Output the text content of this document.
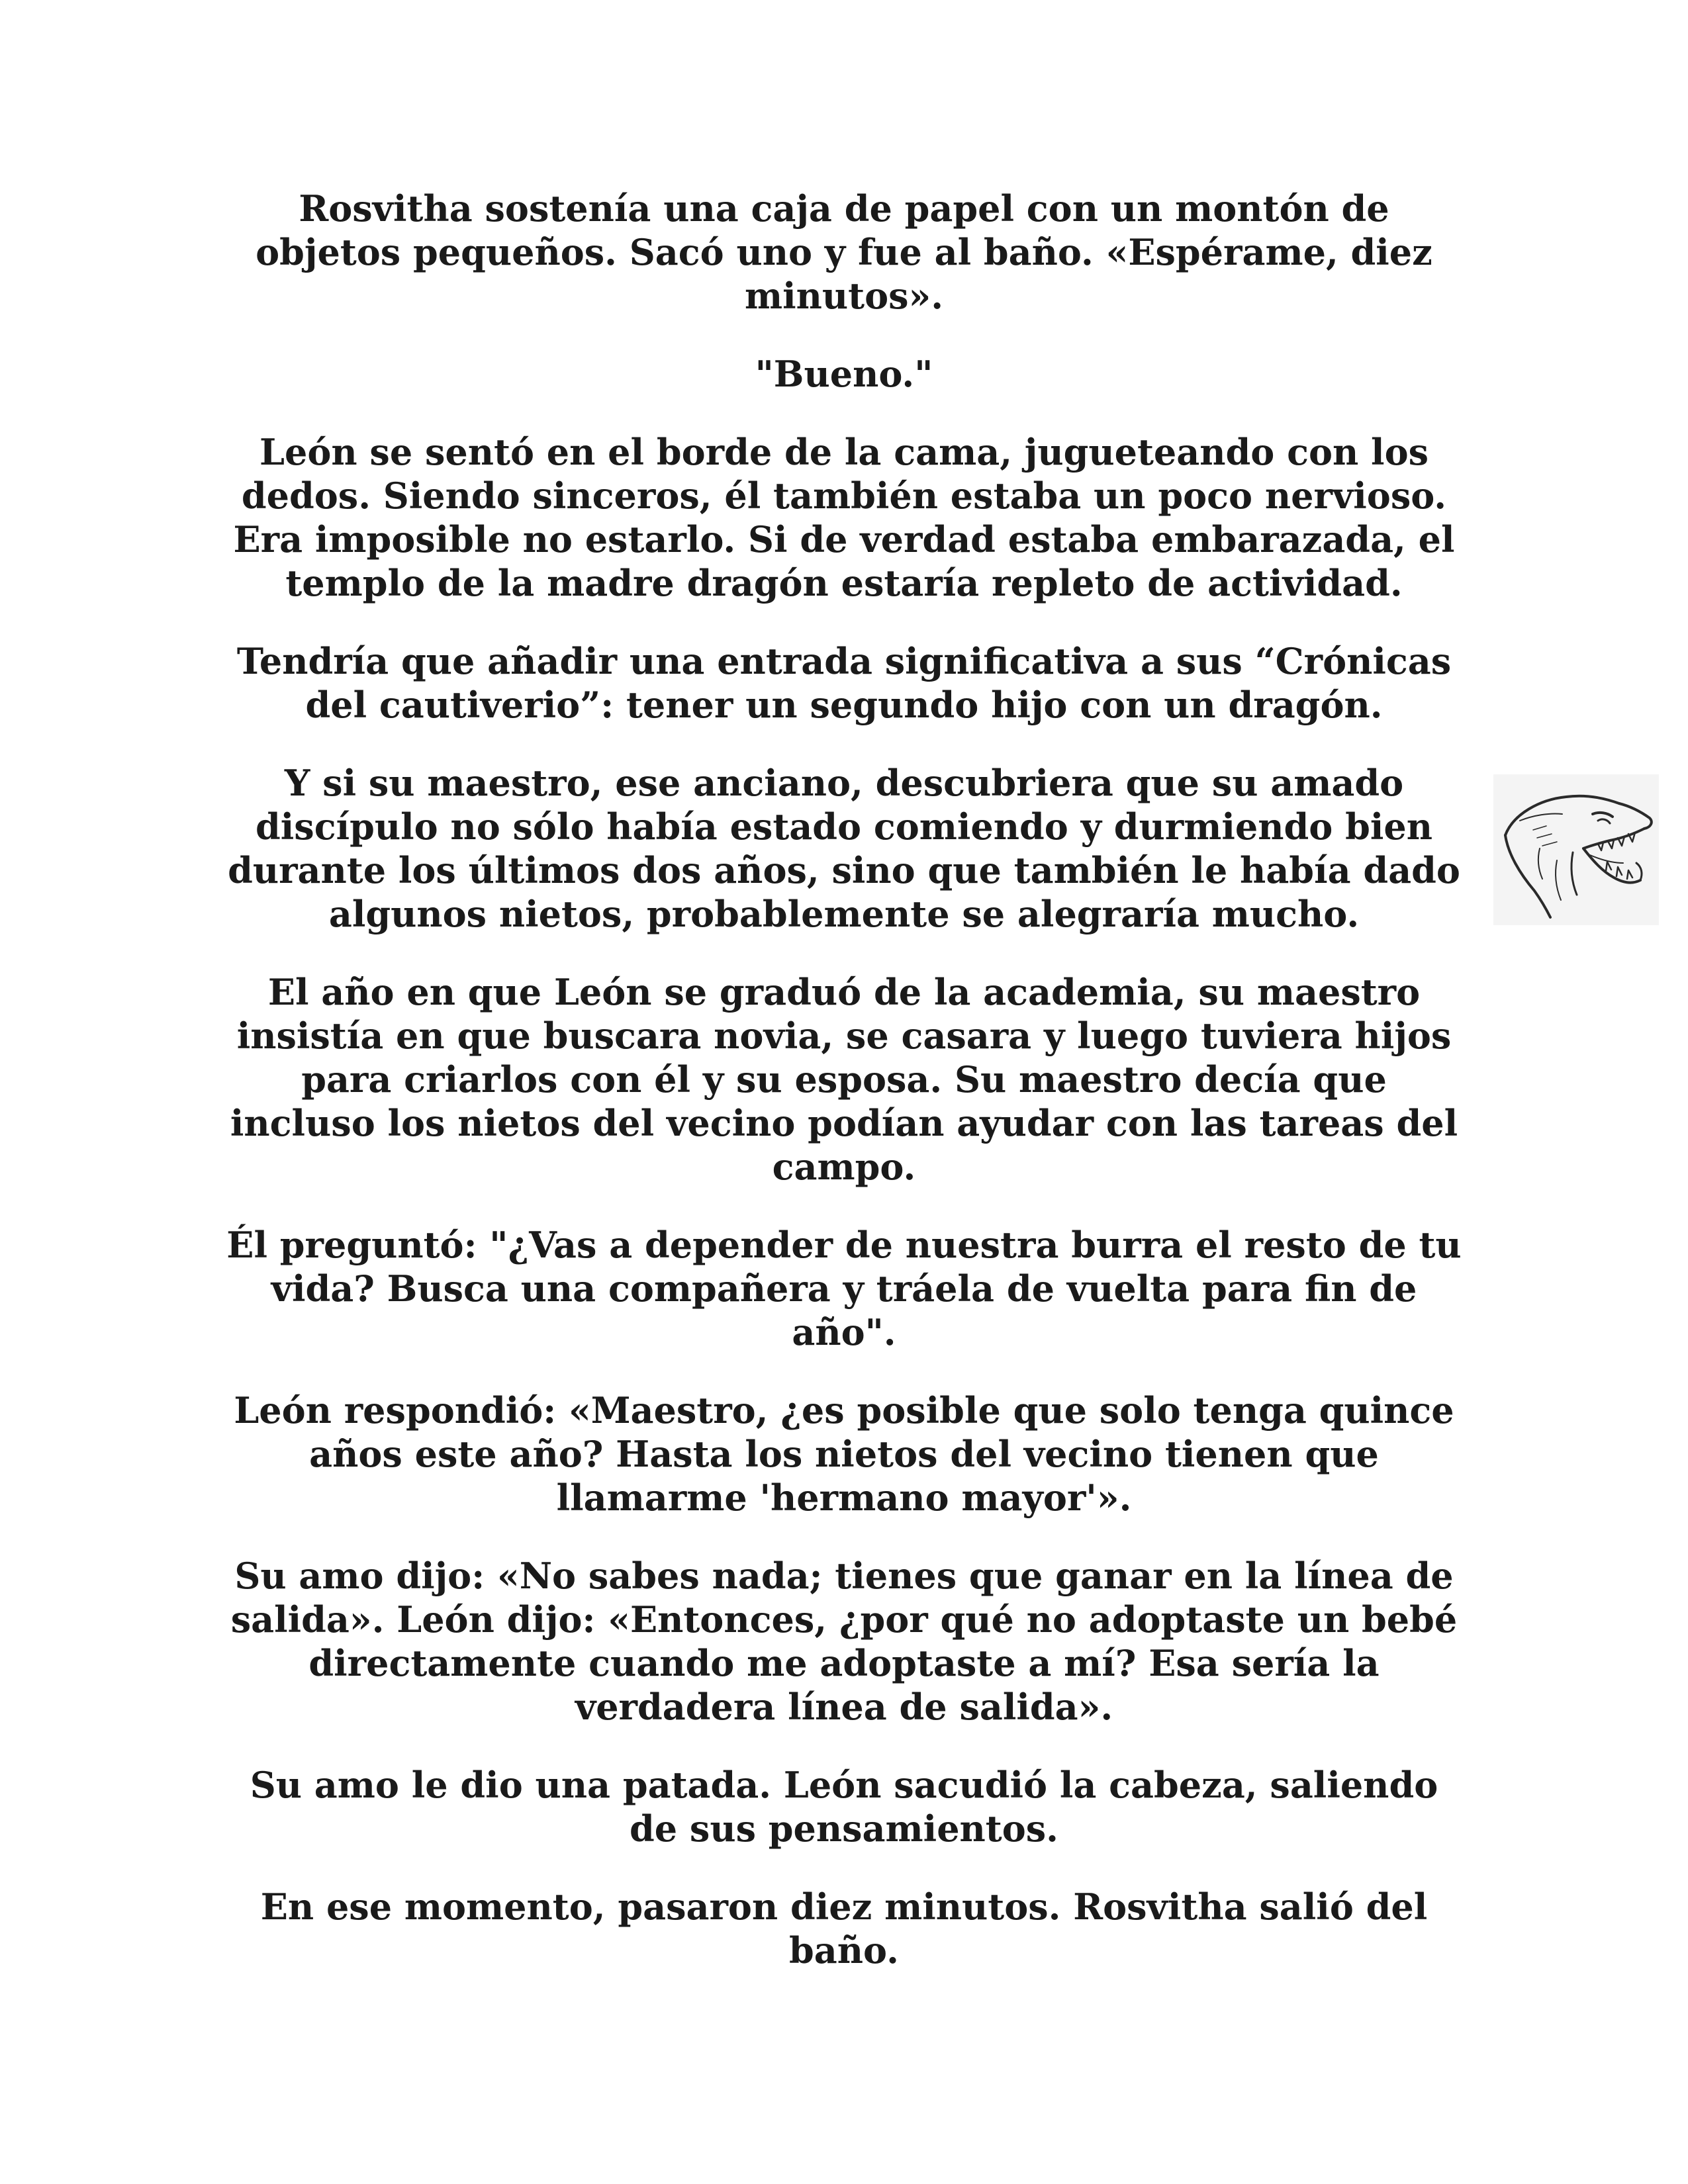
Rosvitha sostenía una caja de papel con un montón de objetos pequeños. Sacó uno y fue al baño. «Espérame, diez minutos».

"Bueno."

León se sentó en el borde de la cama, jugueteando con los dedos. Siendo sinceros, él también estaba un poco nervioso. Era imposible no estarlo. Si de verdad estaba embarazada, el templo de la madre dragón estaría repleto de actividad.

Tendría que añadir una entrada significativa a sus “Crónicas del cautiverio”: tener un segundo hijo con un dragón.

Y si su maestro, ese anciano, descubriera que su amado discípulo no sólo había estado comiendo y durmiendo bien durante los últimos dos años, sino que también le había dado algunos nietos, probablemente se alegraría mucho.

El año en que León se graduó de la academia, su maestro insistía en que buscara novia, se casara y luego tuviera hijos para criarlos con él y su esposa. Su maestro decía que incluso los nietos del vecino podían ayudar con las tareas del campo.

Él preguntó: "¿Vas a depender de nuestra burra el resto de tu vida? Busca una compañera y tráela de vuelta para fin de año".

León respondió: «Maestro, ¿es posible que solo tenga quince años este año? Hasta los nietos del vecino tienen que llamarme 'hermano mayor'».

Su amo dijo: «No sabes nada; tienes que ganar en la línea de salida». León dijo: «Entonces, ¿por qué no adoptaste un bebé directamente cuando me adoptaste a mí? Esa sería la verdadera línea de salida».

Su amo le dio una patada. León sacudió la cabeza, saliendo de sus pensamientos.

En ese momento, pasaron diez minutos. Rosvitha salió del baño.
